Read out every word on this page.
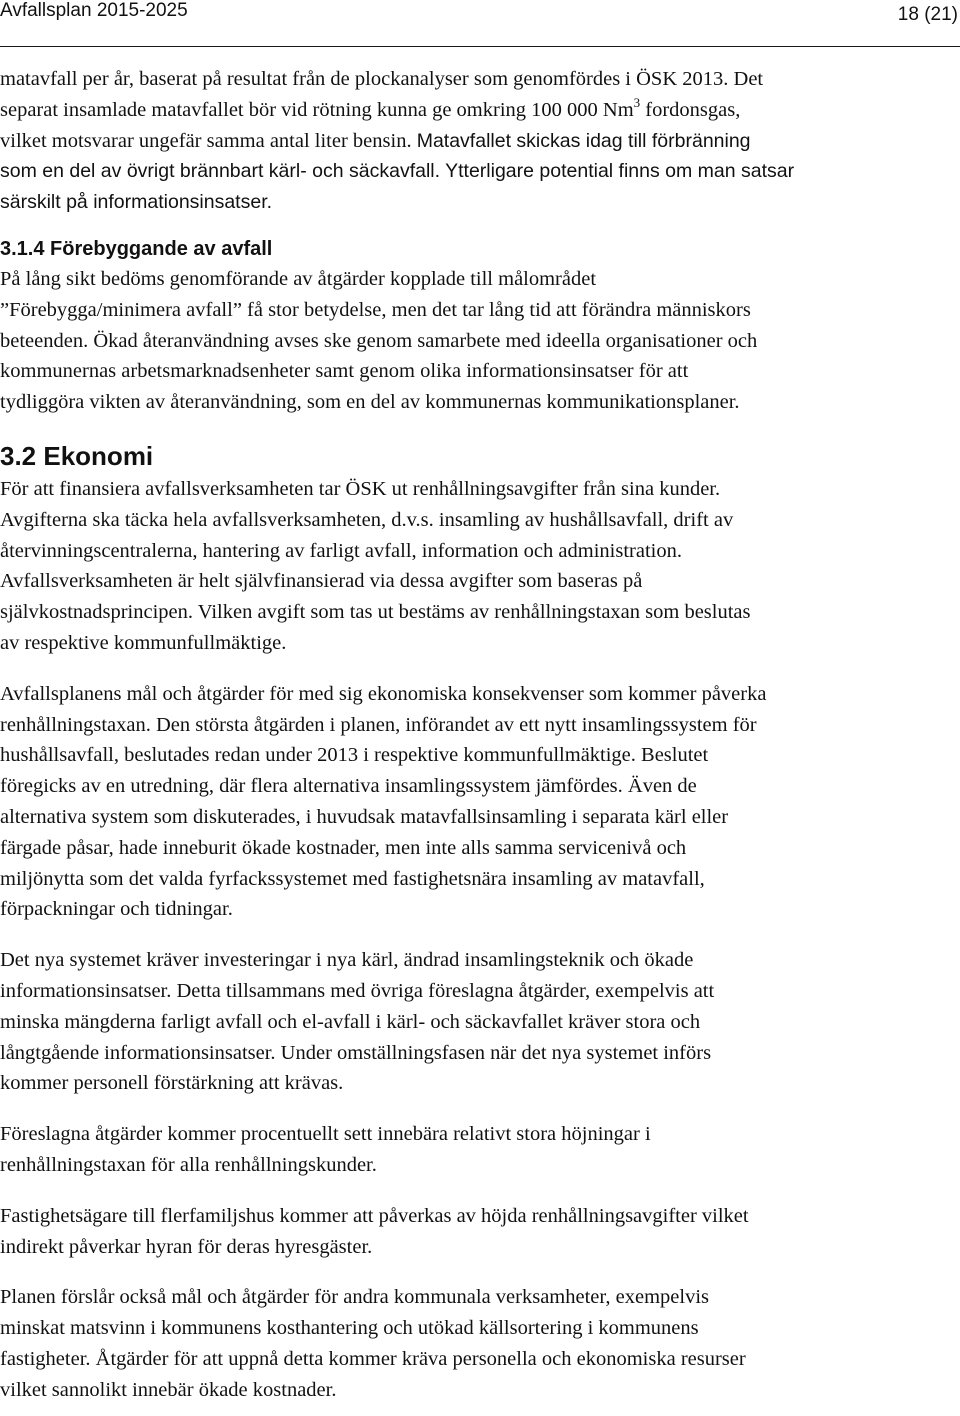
Avfallsplan 2015-2025	18 (21)

matavfall per år, baserat på resultat från de plockanalyser som genomfördes i ÖSK 2013. Det
separat insamlade matavfallet bör vid rötning kunna ge omkring 100 000 Nm$^3$ fordonsgas,
vilket motsvarar ungefär samma antal liter bensin. Matavfallet skickas idag till förbränning
som en del av övrigt brännbart kärl- och säckavfall. Ytterligare potential finns om man satsar
särskilt på informationsinsatser.

3.1.4 Förebyggande av avfall

På lång sikt bedöms genomförande av åtgärder kopplade till målområdet
”Förebygga/minimera avfall” få stor betydelse, men det tar lång tid att förändra människors
beteenden. Ökad återanvändning avses ske genom samarbete med ideella organisationer och
kommunernas arbetsmarknadsenheter samt genom olika informationsinsatser för att
tydliggöra vikten av återanvändning, som en del av kommunernas kommunikationsplaner.

3.2 Ekonomi

För att finansiera avfallsverksamheten tar ÖSK ut renhållningsavgifter från sina kunder.
Avgifterna ska täcka hela avfallsverksamheten, d.v.s. insamling av hushållsavfall, drift av
återvinningscentralerna, hantering av farligt avfall, information och administration.
Avfallsverksamheten är helt självfinansierad via dessa avgifter som baseras på
självkostnadsprincipen. Vilken avgift som tas ut bestäms av renhållningstaxan som beslutas
av respektive kommunfullmäktige.

Avfallsplanens mål och åtgärder för med sig ekonomiska konsekvenser som kommer påverka
renhållningstaxan. Den största åtgärden i planen, införandet av ett nytt insamlingssystem för
hushållsavfall, beslutades redan under 2013 i respektive kommunfullmäktige. Beslutet
föregicks av en utredning, där flera alternativa insamlingssystem jämfördes. Även de
alternativa system som diskuterades, i huvudsak matavfallsinsamling i separata kärl eller
färgade påsar, hade inneburit ökade kostnader, men inte alls samma servicenivå och
miljönytta som det valda fyrfackssystemet med fastighetsnära insamling av matavfall,
förpackningar och tidningar.

Det nya systemet kräver investeringar i nya kärl, ändrad insamlingsteknik och ökade
informationsinsatser. Detta tillsammans med övriga föreslagna åtgärder, exempelvis att
minska mängderna farligt avfall och el-avfall i kärl- och säckavfallet kräver stora och
långtgående informationsinsatser. Under omställningsfasen när det nya systemet införs
kommer personell förstärkning att krävas.

Föreslagna åtgärder kommer procentuellt sett innebära relativt stora höjningar i
renhållningstaxan för alla renhållningskunder.

Fastighetsägare till flerfamiljshus kommer att påverkas av höjda renhållningsavgifter vilket
indirekt påverkar hyran för deras hyresgäster.

Planen förslår också mål och åtgärder för andra kommunala verksamheter, exempelvis
minskat matsvinn i kommunens kosthantering och utökad källsortering i kommunens
fastigheter. Åtgärder för att uppnå detta kommer kräva personella och ekonomiska resurser
vilket sannolikt innebär ökade kostnader.
